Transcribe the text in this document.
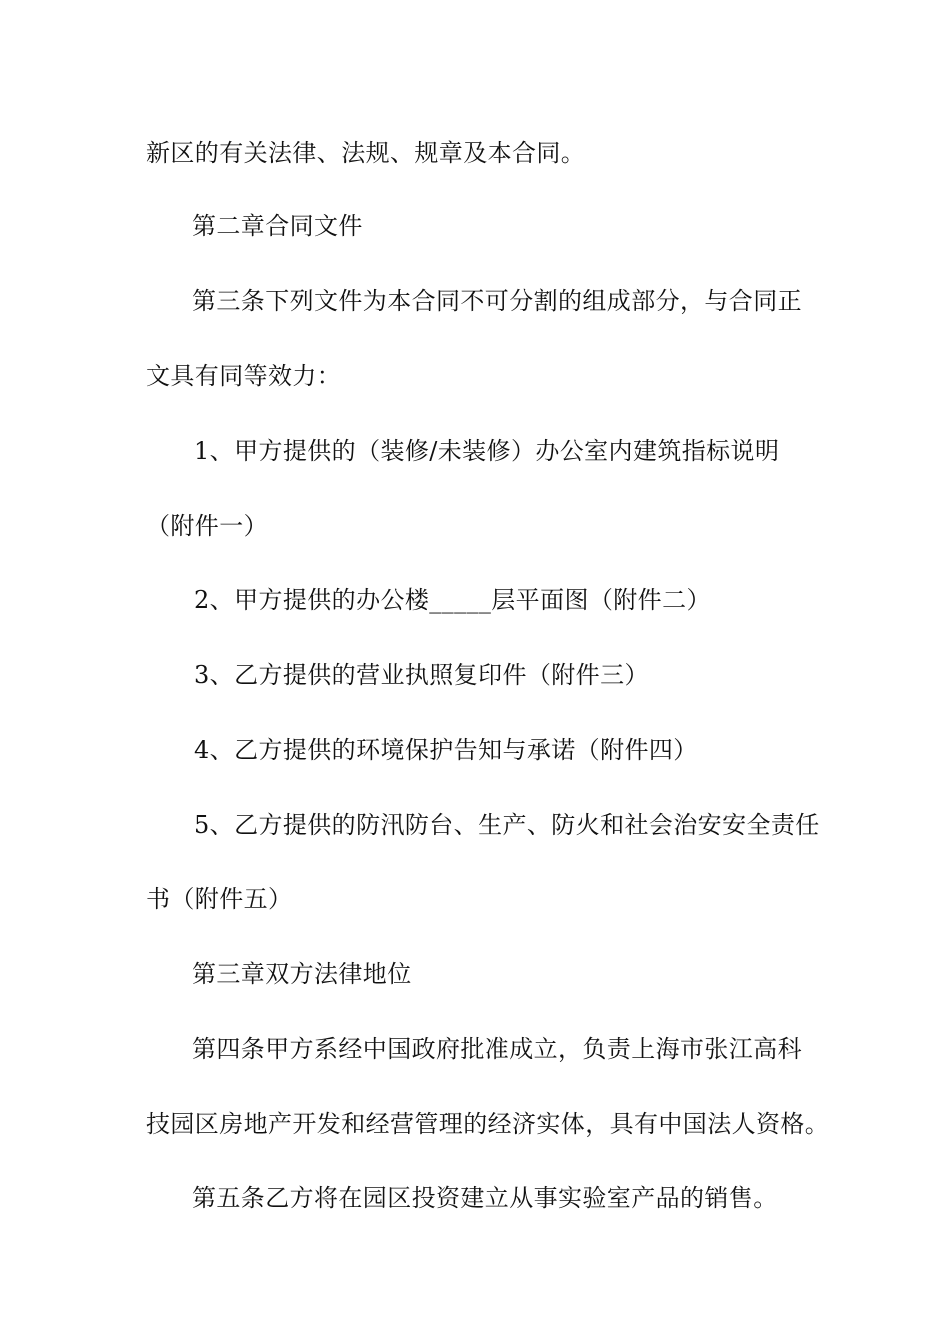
新区的有关法律、法规、规章及本合同。
第二章合同文件
第三条下列文件为本合同不可分割的组成部分，与合同正
文具有同等效力：
1、甲方提供的（装修/未装修）办公室内建筑指标说明
（附件一）
2、甲方提供的办公楼_____层平面图（附件二）
3、乙方提供的营业执照复印件（附件三）
4、乙方提供的环境保护告知与承诺（附件四）
5、乙方提供的防汛防台、生产、防火和社会治安安全责任
书（附件五）
第三章双方法律地位
第四条甲方系经中国政府批准成立，负责上海市张江高科
技园区房地产开发和经营管理的经济实体，具有中国法人资格。
第五条乙方将在园区投资建立从事实验室产品的销售。
